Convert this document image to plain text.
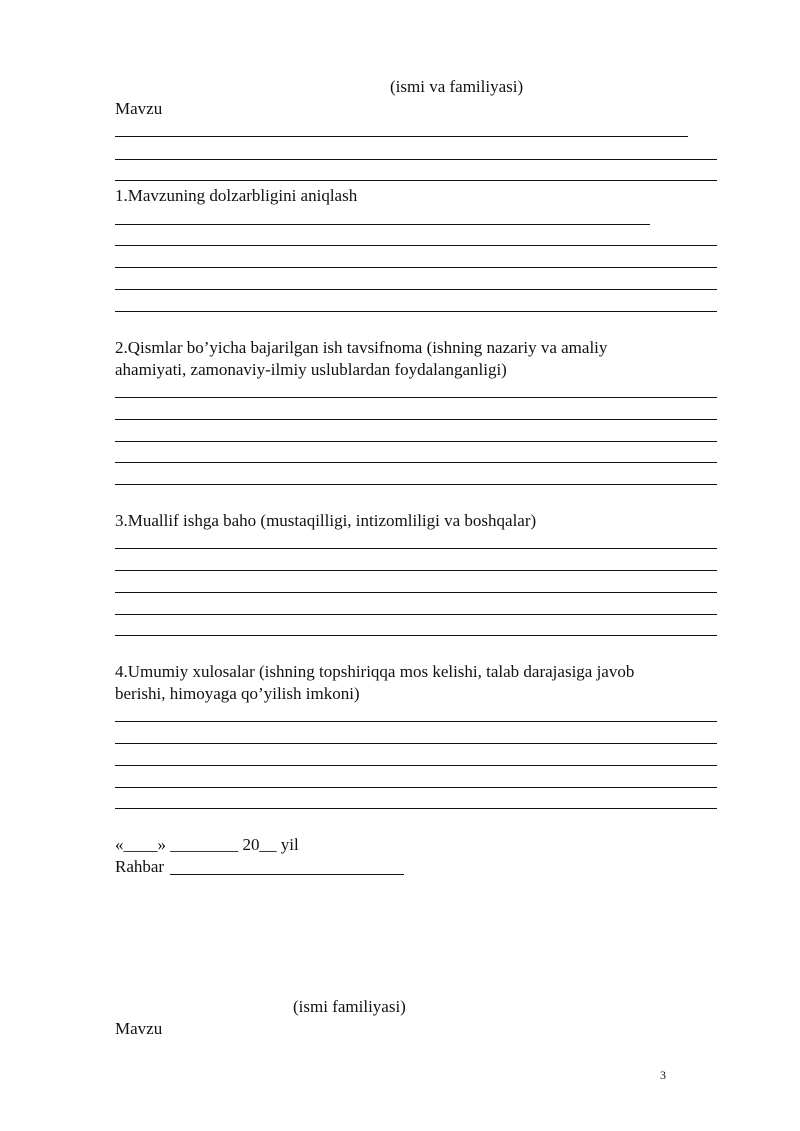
(ismi va familiyasi)
Mavzu
1.Mavzuning dolzarbligini aniqlash
2.Qismlar bo’yicha bajarilgan ish tavsifnoma (ishning nazariy va amaliy
ahamiyati, zamonaviy-ilmiy uslublardan foydalanganligi)
3.Muallif ishga baho (mustaqilligi, intizomliligi va boshqalar)
4.Umumiy xulosalar (ishning topshiriqqa mos kelishi, talab darajasiga javob
berishi, himoyaga qo’yilish imkoni)
«____» ________ 20__ yil
Rahbar
(ismi familiyasi)
Mavzu
3
